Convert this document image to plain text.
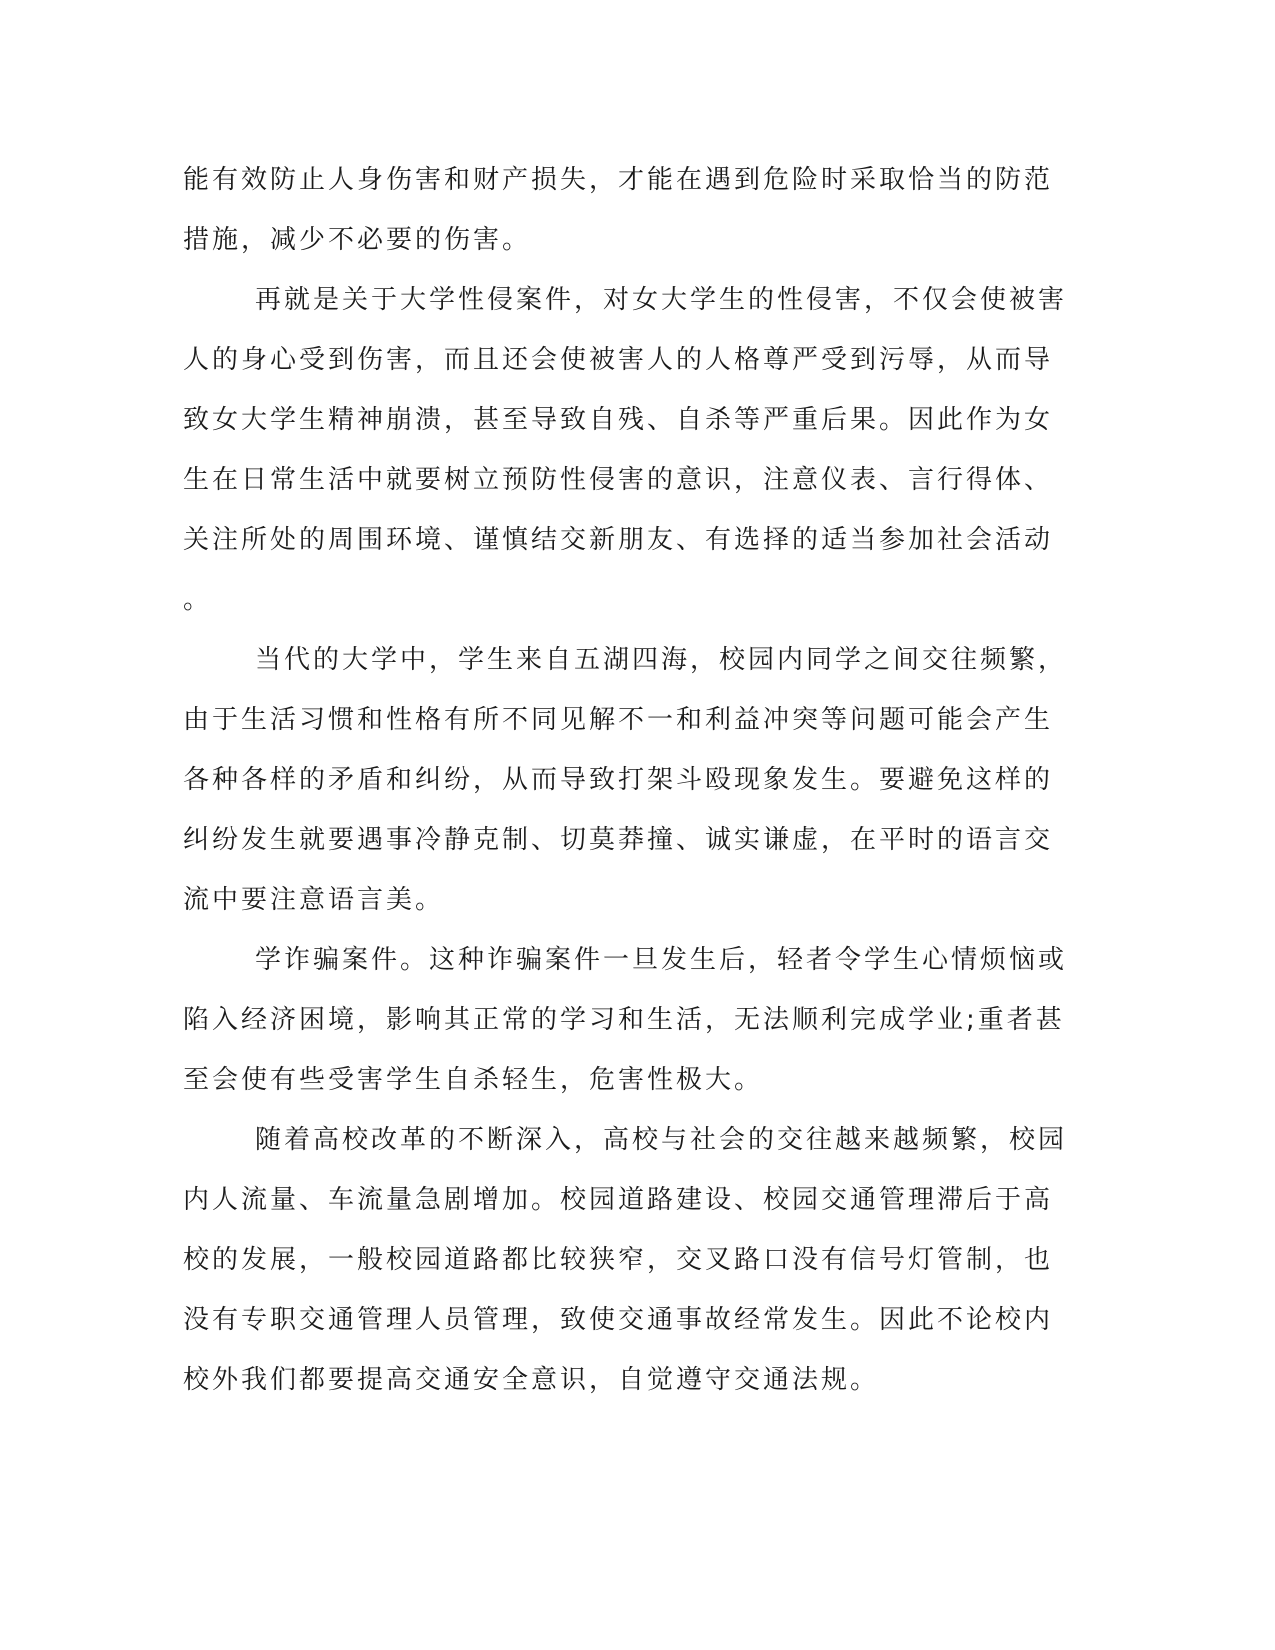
能有效防止人身伤害和财产损失，才能在遇到危险时采取恰当的防范
措施，减少不必要的伤害。
再就是关于大学性侵案件，对女大学生的性侵害，不仅会使被害
人的身心受到伤害，而且还会使被害人的人格尊严受到污辱，从而导
致女大学生精神崩溃，甚至导致自残、自杀等严重后果。因此作为女
生在日常生活中就要树立预防性侵害的意识，注意仪表、言行得体、
关注所处的周围环境、谨慎结交新朋友、有选择的适当参加社会活动
。
当代的大学中，学生来自五湖四海，校园内同学之间交往频繁，
由于生活习惯和性格有所不同见解不一和利益冲突等问题可能会产生
各种各样的矛盾和纠纷，从而导致打架斗殴现象发生。要避免这样的
纠纷发生就要遇事冷静克制、切莫莽撞、诚实谦虚，在平时的语言交
流中要注意语言美。
学诈骗案件。这种诈骗案件一旦发生后，轻者令学生心情烦恼或
陷入经济困境，影响其正常的学习和生活，无法顺利完成学业;重者甚
至会使有些受害学生自杀轻生，危害性极大。
随着高校改革的不断深入，高校与社会的交往越来越频繁，校园
内人流量、车流量急剧增加。校园道路建设、校园交通管理滞后于高
校的发展，一般校园道路都比较狭窄，交叉路口没有信号灯管制，也
没有专职交通管理人员管理，致使交通事故经常发生。因此不论校内
校外我们都要提高交通安全意识，自觉遵守交通法规。
